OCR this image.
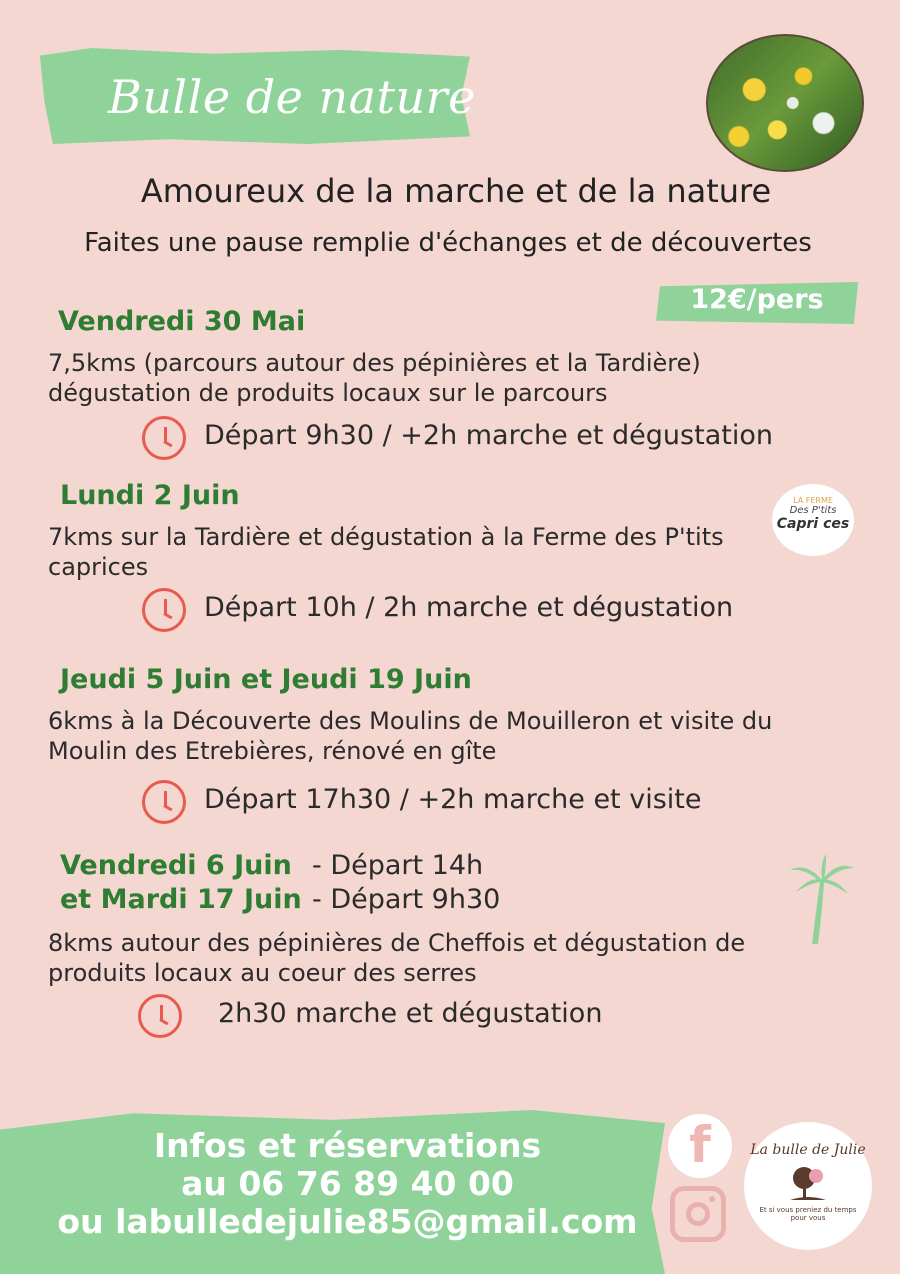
Bulle de nature
Amoureux de la marche et de la nature
Faites une pause remplie d'échanges et de découvertes
12€/pers
Vendredi 30 Mai
7,5kms (parcours autour des pépinières et la Tardière)
dégustation de produits locaux sur le parcours
Départ 9h30 / +2h marche et dégustation
Lundi 2 Juin	LA FERME
Des P'tits
Capri ces
7kms sur la Tardière et dégustation à la Ferme des P'tits
caprices
Départ 10h / 2h marche et dégustation
Jeudi 5 Juin et Jeudi 19 Juin
6kms à la Découverte des Moulins de Mouilleron et visite du
Moulin des Etrebières, rénové en gîte
Départ 17h30 / +2h marche et visite
Vendredi 6 Juin - Départ 14h
et Mardi 17 Juin - Départ 9h30
8kms autour des pépinières de Cheffois et dégustation de
produits locaux au coeur des serres
2h30 marche et dégustation
Infos et réservations
au 06 76 89 40 00
ou labulledejulie85@gmail.com
f	La bulle de Julie
Et si vous preniez du temps pour vous
